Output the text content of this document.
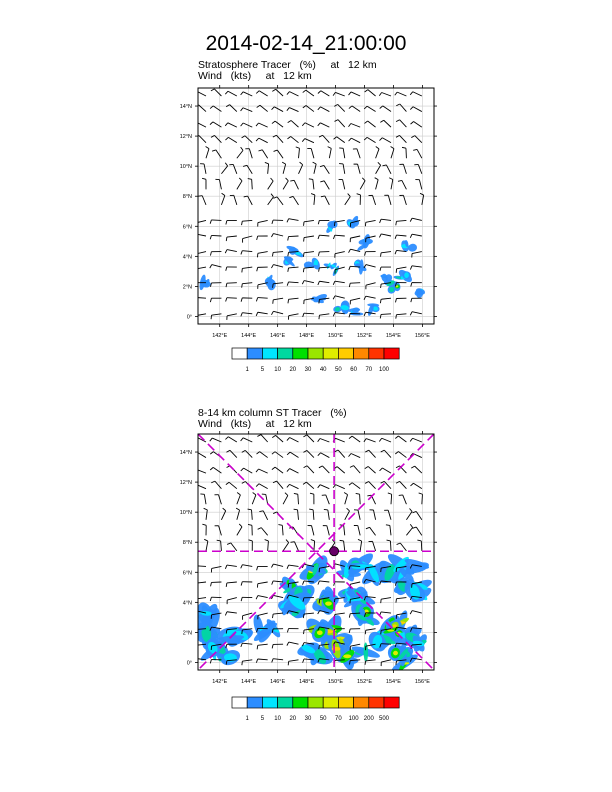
2014-02-14_21:00:00
Stratosphere Tracer   (%)     at   12 km
Wind   (kts)     at   12 km
8-14 km column ST Tracer   (%)
Wind   (kts)     at   12 km
142°E	144°E	146°E	148°E	150°E	152°E	154°E	156°E
0°
2°N
4°N
6°N
8°N
10°N
12°N
14°N
1 5 10 20 30 40 50 60 70 100
142°E	144°E	146°E	148°E	150°E	152°E	154°E	156°E
0°
2°N
4°N
6°N
8°N
10°N
12°N
14°N
1 5 10 20 30 50 70 100 200 500
